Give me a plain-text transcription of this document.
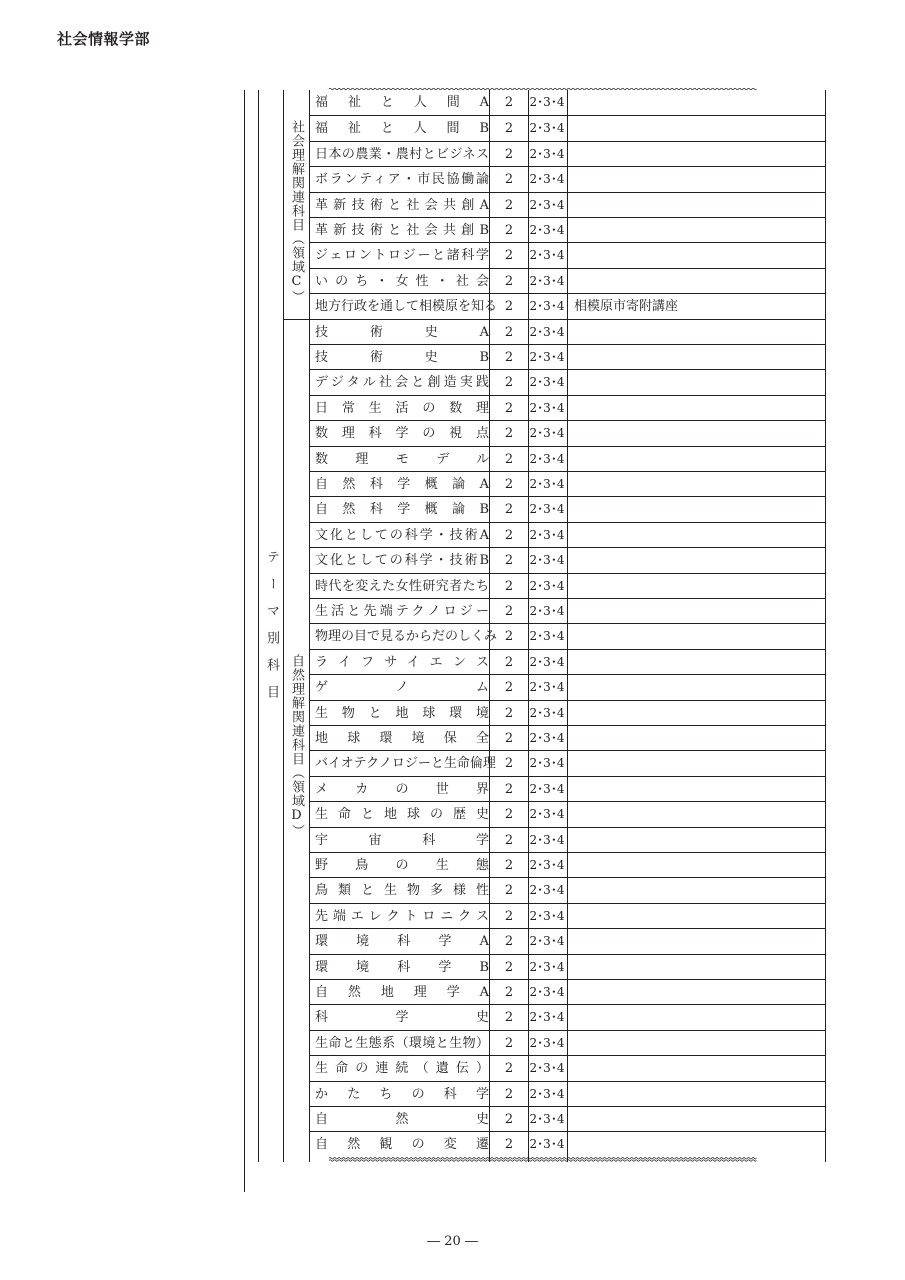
社会情報学部
テーマ別科目
社会理解関連科目（領域C）
自然理解関連科目（領域D）
福祉と人間A	2	2･3･4
福祉と人間B	2	2･3･4
日本の農業・農村とビジネス	2	2･3･4
ボランティア・市民協働論	2	2･3･4
革新技術と社会共創A	2	2･3･4
革新技術と社会共創B	2	2･3･4
ジェロントロジーと諸科学	2	2･3･4
いのち・女性・社会	2	2･3･4
地方行政を通して相模原を知る 2	2･3･4 相模原市寄附講座
技術史A	2	2･3･4
技術史B	2	2･3･4
デジタル社会と創造実践	2	2･3･4
日常生活の数理	2	2･3･4
数理科学の視点	2	2･3･4
数理モデル	2	2･3･4
自然科学概論A	2	2･3･4
自然科学概論B	2	2･3･4
文化としての科学・技術A	2	2･3･4
文化としての科学・技術B	2	2･3･4
時代を変えた女性研究者たち	2	2･3･4
生活と先端テクノロジー	2	2･3･4
物理の目で見るからだのしくみ 2	2･3･4
ライフサイエンス	2	2･3･4
ゲノム	2	2･3･4
生物と地球環境	2	2･3･4
地球環境保全	2	2･3･4
バイオテクノロジーと生命倫理 2	2･3･4
メカの世界	2	2･3･4
生命と地球の歴史	2	2･3･4
宇宙科学	2	2･3･4
野鳥の生態	2	2･3･4
鳥類と生物多様性	2	2･3･4
先端エレクトロニクス	2	2･3･4
環境科学A	2	2･3･4
環境科学B	2	2･3･4
自然地理学A	2	2･3･4
科学史	2	2･3･4
生命と生態系（環境と生物）	2	2･3･4
生命の連続（遺伝）	2	2･3･4
かたちの科学	2	2･3･4
自然史	2	2･3･4
自然観の変遷	2	2･3･4
― 20 ―
